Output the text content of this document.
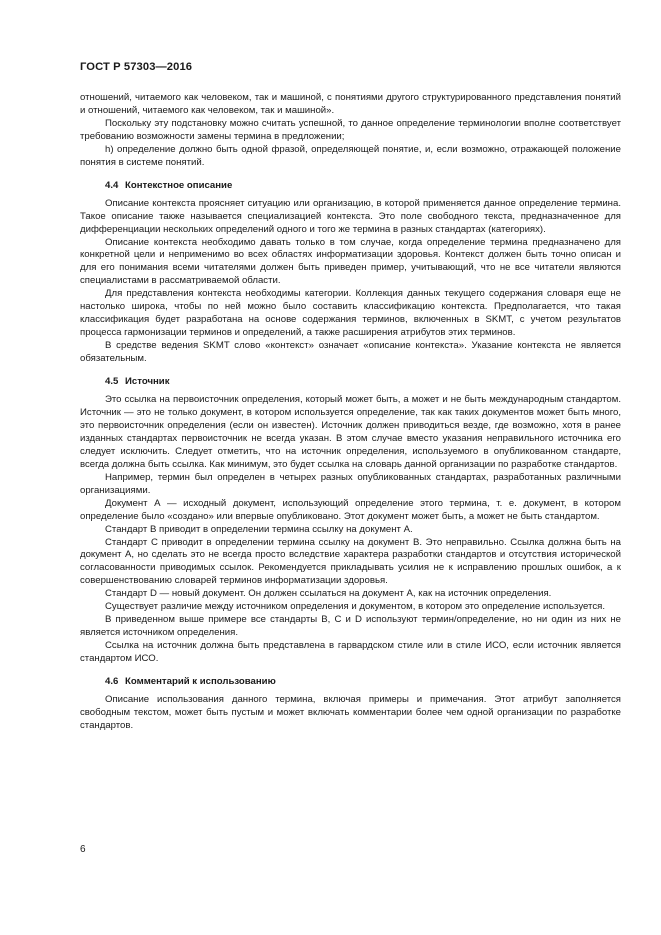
ГОСТ Р 57303—2016

отношений, читаемого как человеком, так и машиной, с понятиями другого структурированного представления понятий и отношений, читаемого как человеком, так и машиной».

Поскольку эту подстановку можно считать успешной, то данное определение терминологии вполне соответствует требованию возможности замены термина в предложении;

h) определение должно быть одной фразой, определяющей понятие, и, если возможно, отражающей положение понятия в системе понятий.

4.4 Контекстное описание

Описание контекста проясняет ситуацию или организацию, в которой применяется данное определение термина. Такое описание также называется специализацией контекста. Это поле свободного текста, предназначенное для дифференциации нескольких определений одного и того же термина в разных стандартах (категориях).

Описание контекста необходимо давать только в том случае, когда определение термина предназначено для конкретной цели и неприменимо во всех областях информатизации здоровья. Контекст должен быть точно описан и для его понимания всеми читателями должен быть приведен пример, учитывающий, что не все читатели являются специалистами в рассматриваемой области.

Для представления контекста необходимы категории. Коллекция данных текущего содержания словаря еще не настолько широка, чтобы по ней можно было составить классификацию контекста. Предполагается, что такая классификация будет разработана на основе содержания терминов, включенных в SKMT, с учетом результатов процесса гармонизации терминов и определений, а также расширения атрибутов этих терминов.

В средстве ведения SKMT слово «контекст» означает «описание контекста». Указание контекста не является обязательным.

4.5 Источник

Это ссылка на первоисточник определения, который может быть, а может и не быть международным стандартом. Источник — это не только документ, в котором используется определение, так как таких документов может быть много, это первоисточник определения (если он известен). Источник должен приводиться везде, где возможно, хотя в ранее изданных стандартах первоисточник не всегда указан. В этом случае вместо указания неправильного источника его следует исключить. Следует отметить, что на источник определения, используемого в опубликованном стандарте, всегда должна быть ссылка. Как минимум, это будет ссылка на словарь данной организации по разработке стандартов.

Например, термин был определен в четырех разных опубликованных стандартах, разработанных различными организациями.

Документ А — исходный документ, использующий определение этого термина, т. е. документ, в котором определение было «создано» или впервые опубликовано. Этот документ может быть, а может не быть стандартом.

Стандарт B приводит в определении термина ссылку на документ А.

Стандарт C приводит в определении термина ссылку на документ B. Это неправильно. Ссылка должна быть на документ А, но сделать это не всегда просто вследствие характера разработки стандартов и отсутствия исторической согласованности приводимых ссылок. Рекомендуется прикладывать усилия не к исправлению прошлых ошибок, а к совершенствованию словарей терминов информатизации здоровья.

Стандарт D — новый документ. Он должен ссылаться на документ А, как на источник определения.

Существует различие между источником определения и документом, в котором это определение используется.

В приведенном выше примере все стандарты B, C и D используют термин/определение, но ни один из них не является источником определения.

Ссылка на источник должна быть представлена в гарвардском стиле или в стиле ИСО, если источник является стандартом ИСО.

4.6 Комментарий к использованию

Описание использования данного термина, включая примеры и примечания. Этот атрибут заполняется свободным текстом, может быть пустым и может включать комментарии более чем одной организации по разработке стандартов.

6
